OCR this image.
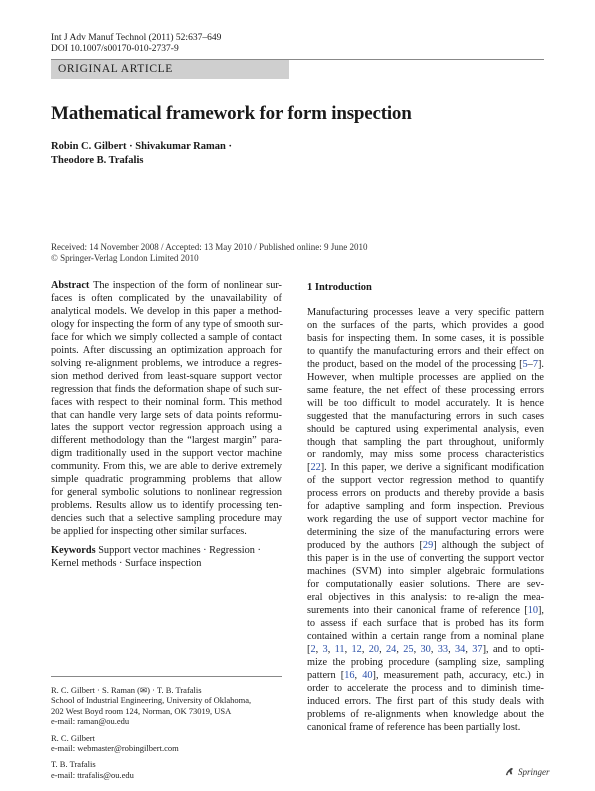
Int J Adv Manuf Technol (2011) 52:637–649
DOI 10.1007/s00170-010-2737-9
ORIGINAL ARTICLE
Mathematical framework for form inspection
Robin C. Gilbert · Shivakumar Raman ·
Theodore B. Trafalis
Received: 14 November 2008 / Accepted: 13 May 2010 / Published online: 9 June 2010
© Springer-Verlag London Limited 2010
Abstract The inspection of the form of nonlinear sur-
faces is often complicated by the unavailability of
analytical models. We develop in this paper a method-
ology for inspecting the form of any type of smooth sur-
face for which we simply collected a sample of contact
points. After discussing an optimization approach for
solving re-alignment problems, we introduce a regres-
sion method derived from least-square support vector
regression that finds the deformation shape of such sur-
faces with respect to their nominal form. This method
that can handle very large sets of data points reformu-
lates the support vector regression approach using a
different methodology than the “largest margin” para-
digm traditionally used in the support vector machine
community. From this, we are able to derive extremely
simple quadratic programming problems that allow
for general symbolic solutions to nonlinear regression
problems. Results allow us to identify processing ten-
dencies such that a selective sampling procedure may
be applied for inspecting other similar surfaces.
Keywords Support vector machines · Regression ·
Kernel methods · Surface inspection
R. C. Gilbert · S. Raman (✉) · T. B. Trafalis
School of Industrial Engineering, University of Oklahoma,
202 West Boyd room 124, Norman, OK 73019, USA
e-mail: raman@ou.edu
R. C. Gilbert
e-mail: webmaster@robingilbert.com
T. B. Trafalis
e-mail: ttrafalis@ou.edu
1 Introduction
Manufacturing processes leave a very specific pattern
on the surfaces of the parts, which provides a good
basis for inspecting them. In some cases, it is possible
to quantify the manufacturing errors and their effect on
the product, based on the model of the processing [5–7].
However, when multiple processes are applied on the
same feature, the net effect of these processing errors
will be too difficult to model accurately. It is hence
suggested that the manufacturing errors in such cases
should be captured using experimental analysis, even
though that sampling the part throughout, uniformly
or randomly, may miss some process characteristics
[22]. In this paper, we derive a significant modification
of the support vector regression method to quantify
process errors on products and thereby provide a basis
for adaptive sampling and form inspection. Previous
work regarding the use of support vector machine for
determining the size of the manufacturing errors were
produced by the authors [29] although the subject of
this paper is in the use of converting the support vector
machines (SVM) into simpler algebraic formulations
for computationally easier solutions. There are sev-
eral objectives in this analysis: to re-align the mea-
surements into their canonical frame of reference [10],
to assess if each surface that is probed has its form
contained within a certain range from a nominal plane
[2, 3, 11, 12, 20, 24, 25, 30, 33, 34, 37], and to opti-
mize the probing procedure (sampling size, sampling
pattern [16, 40], measurement path, accuracy, etc.) in
order to accelerate the process and to diminish time-
induced errors. The first part of this study deals with
problems of re-alignments when knowledge about the
canonical frame of reference has been partially lost.
Springer
